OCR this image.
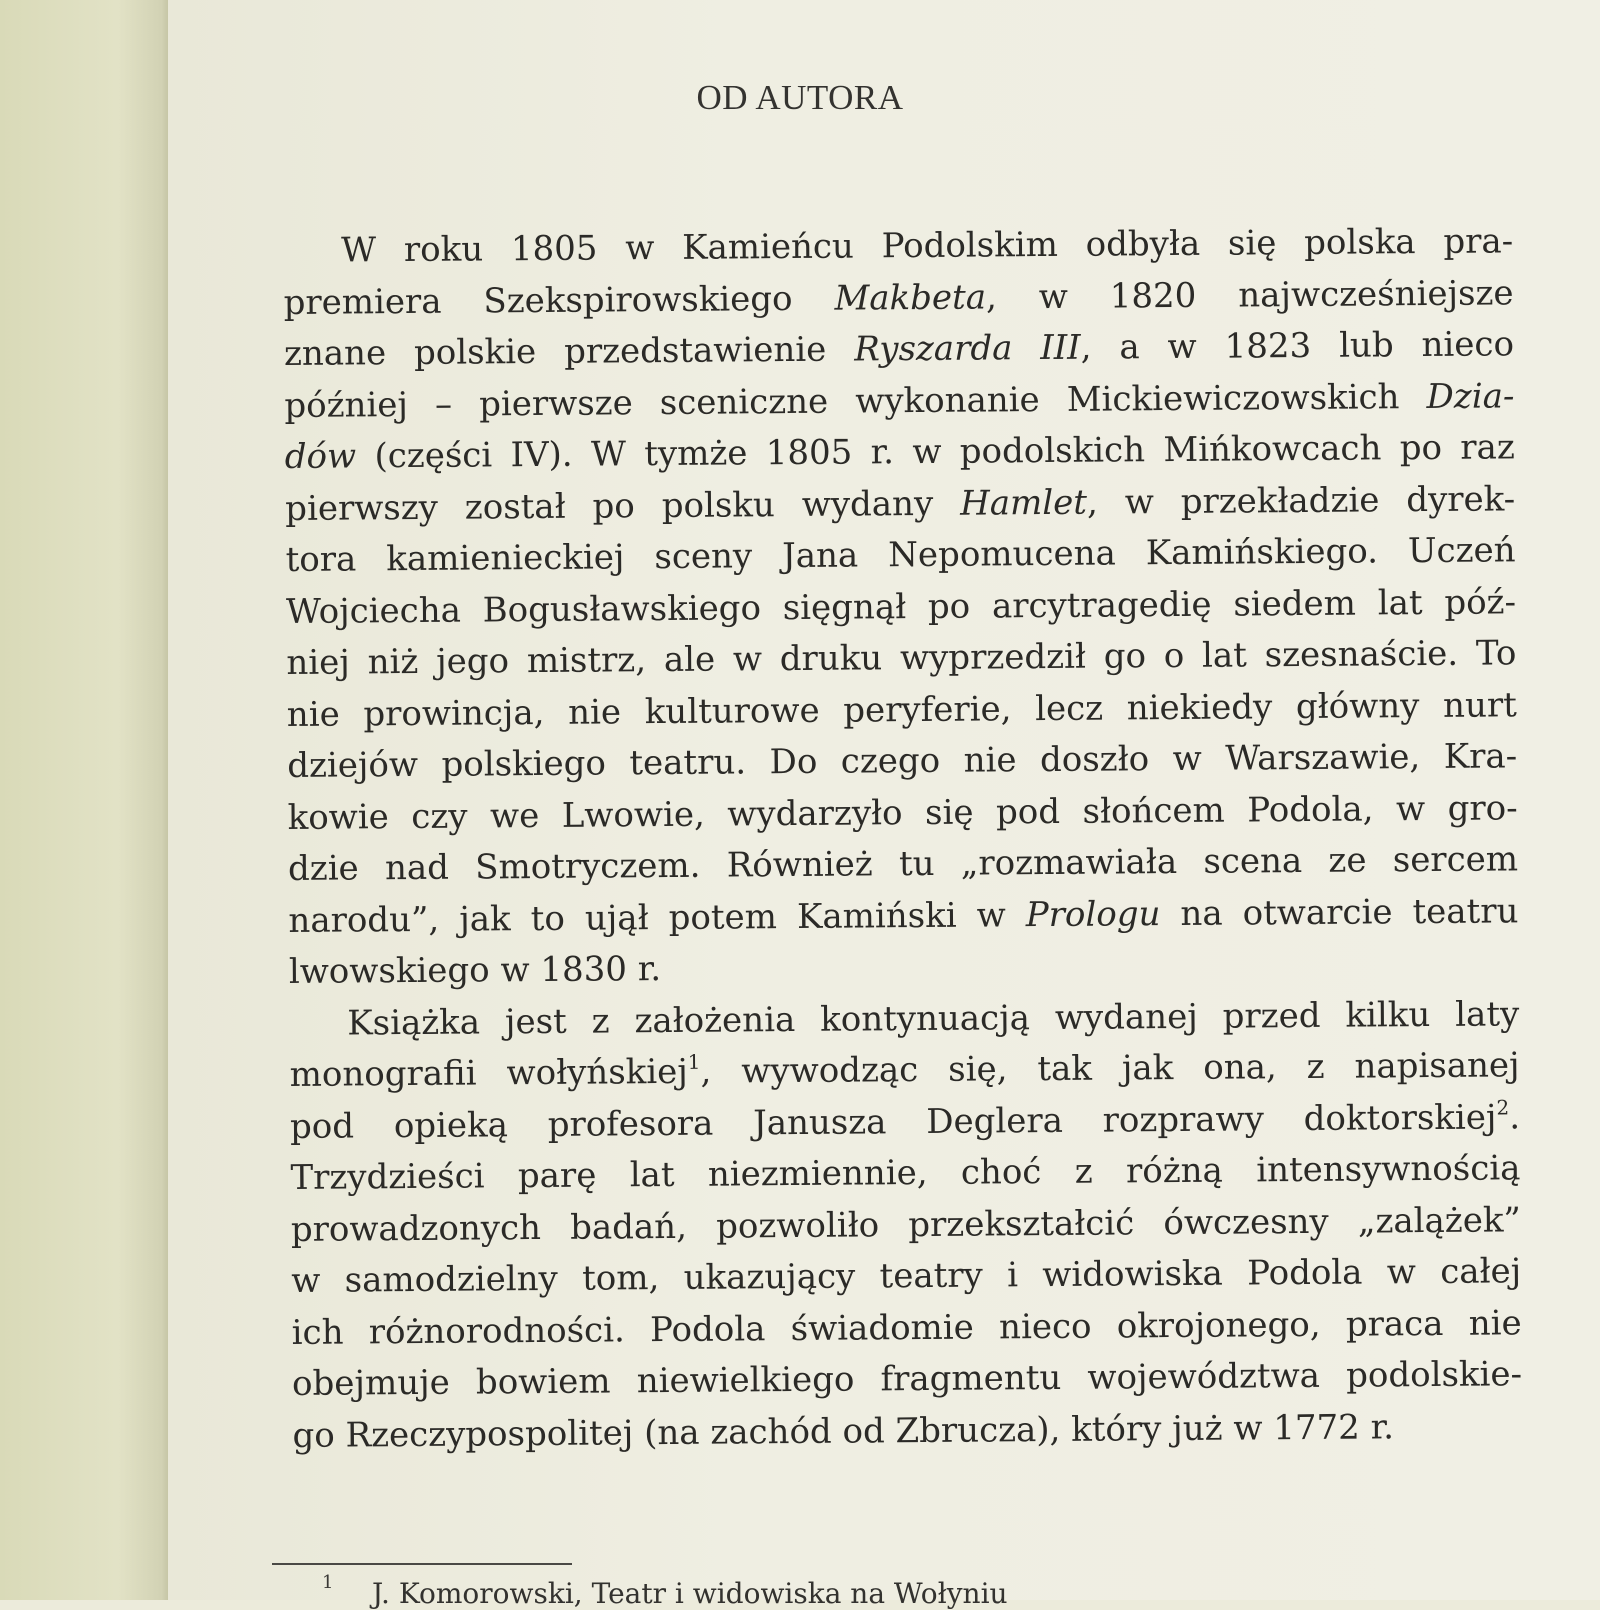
OD AUTORA
W roku 1805 w Kamieńcu Podolskim odbyła się polska pra-
premiera Szekspirowskiego Makbeta, w 1820 najwcześniejsze
znane polskie przedstawienie Ryszarda III, a w 1823 lub nieco
później – pierwsze sceniczne wykonanie Mickiewiczowskich Dzia-
dów (części IV). W tymże 1805 r. w podolskich Mińkowcach po raz
pierwszy został po polsku wydany Hamlet, w przekładzie dyrek-
tora kamienieckiej sceny Jana Nepomucena Kamińskiego. Uczeń
Wojciecha Bogusławskiego sięgnął po arcytragedię siedem lat póź-
niej niż jego mistrz, ale w druku wyprzedził go o lat szesnaście. To
nie prowincja, nie kulturowe peryferie, lecz niekiedy główny nurt
dziejów polskiego teatru. Do czego nie doszło w Warszawie, Kra-
kowie czy we Lwowie, wydarzyło się pod słońcem Podola, w gro-
dzie nad Smotryczem. Również tu „rozmawiała scena ze sercem
narodu”, jak to ujął potem Kamiński w Prologu na otwarcie teatru
lwowskiego w 1830 r.
Książka jest z założenia kontynuacją wydanej przed kilku laty
monografii wołyńskiej$^1$, wywodząc się, tak jak ona, z napisanej
pod opieką profesora Janusza Deglera rozprawy doktorskiej$^2$.
Trzydzieści parę lat niezmiennie, choć z różną intensywnością
prowadzonych badań, pozwoliło przekształcić ówczesny „zalążek”
w samodzielny tom, ukazujący teatry i widowiska Podola w całej
ich różnorodności. Podola świadomie nieco okrojonego, praca nie
obejmuje bowiem niewielkiego fragmentu województwa podolskie-
go Rzeczypospolitej (na zachód od Zbrucza), który już w 1772 r.
1 J. Komorowski, Teatr i widowiska na Wołyniu
